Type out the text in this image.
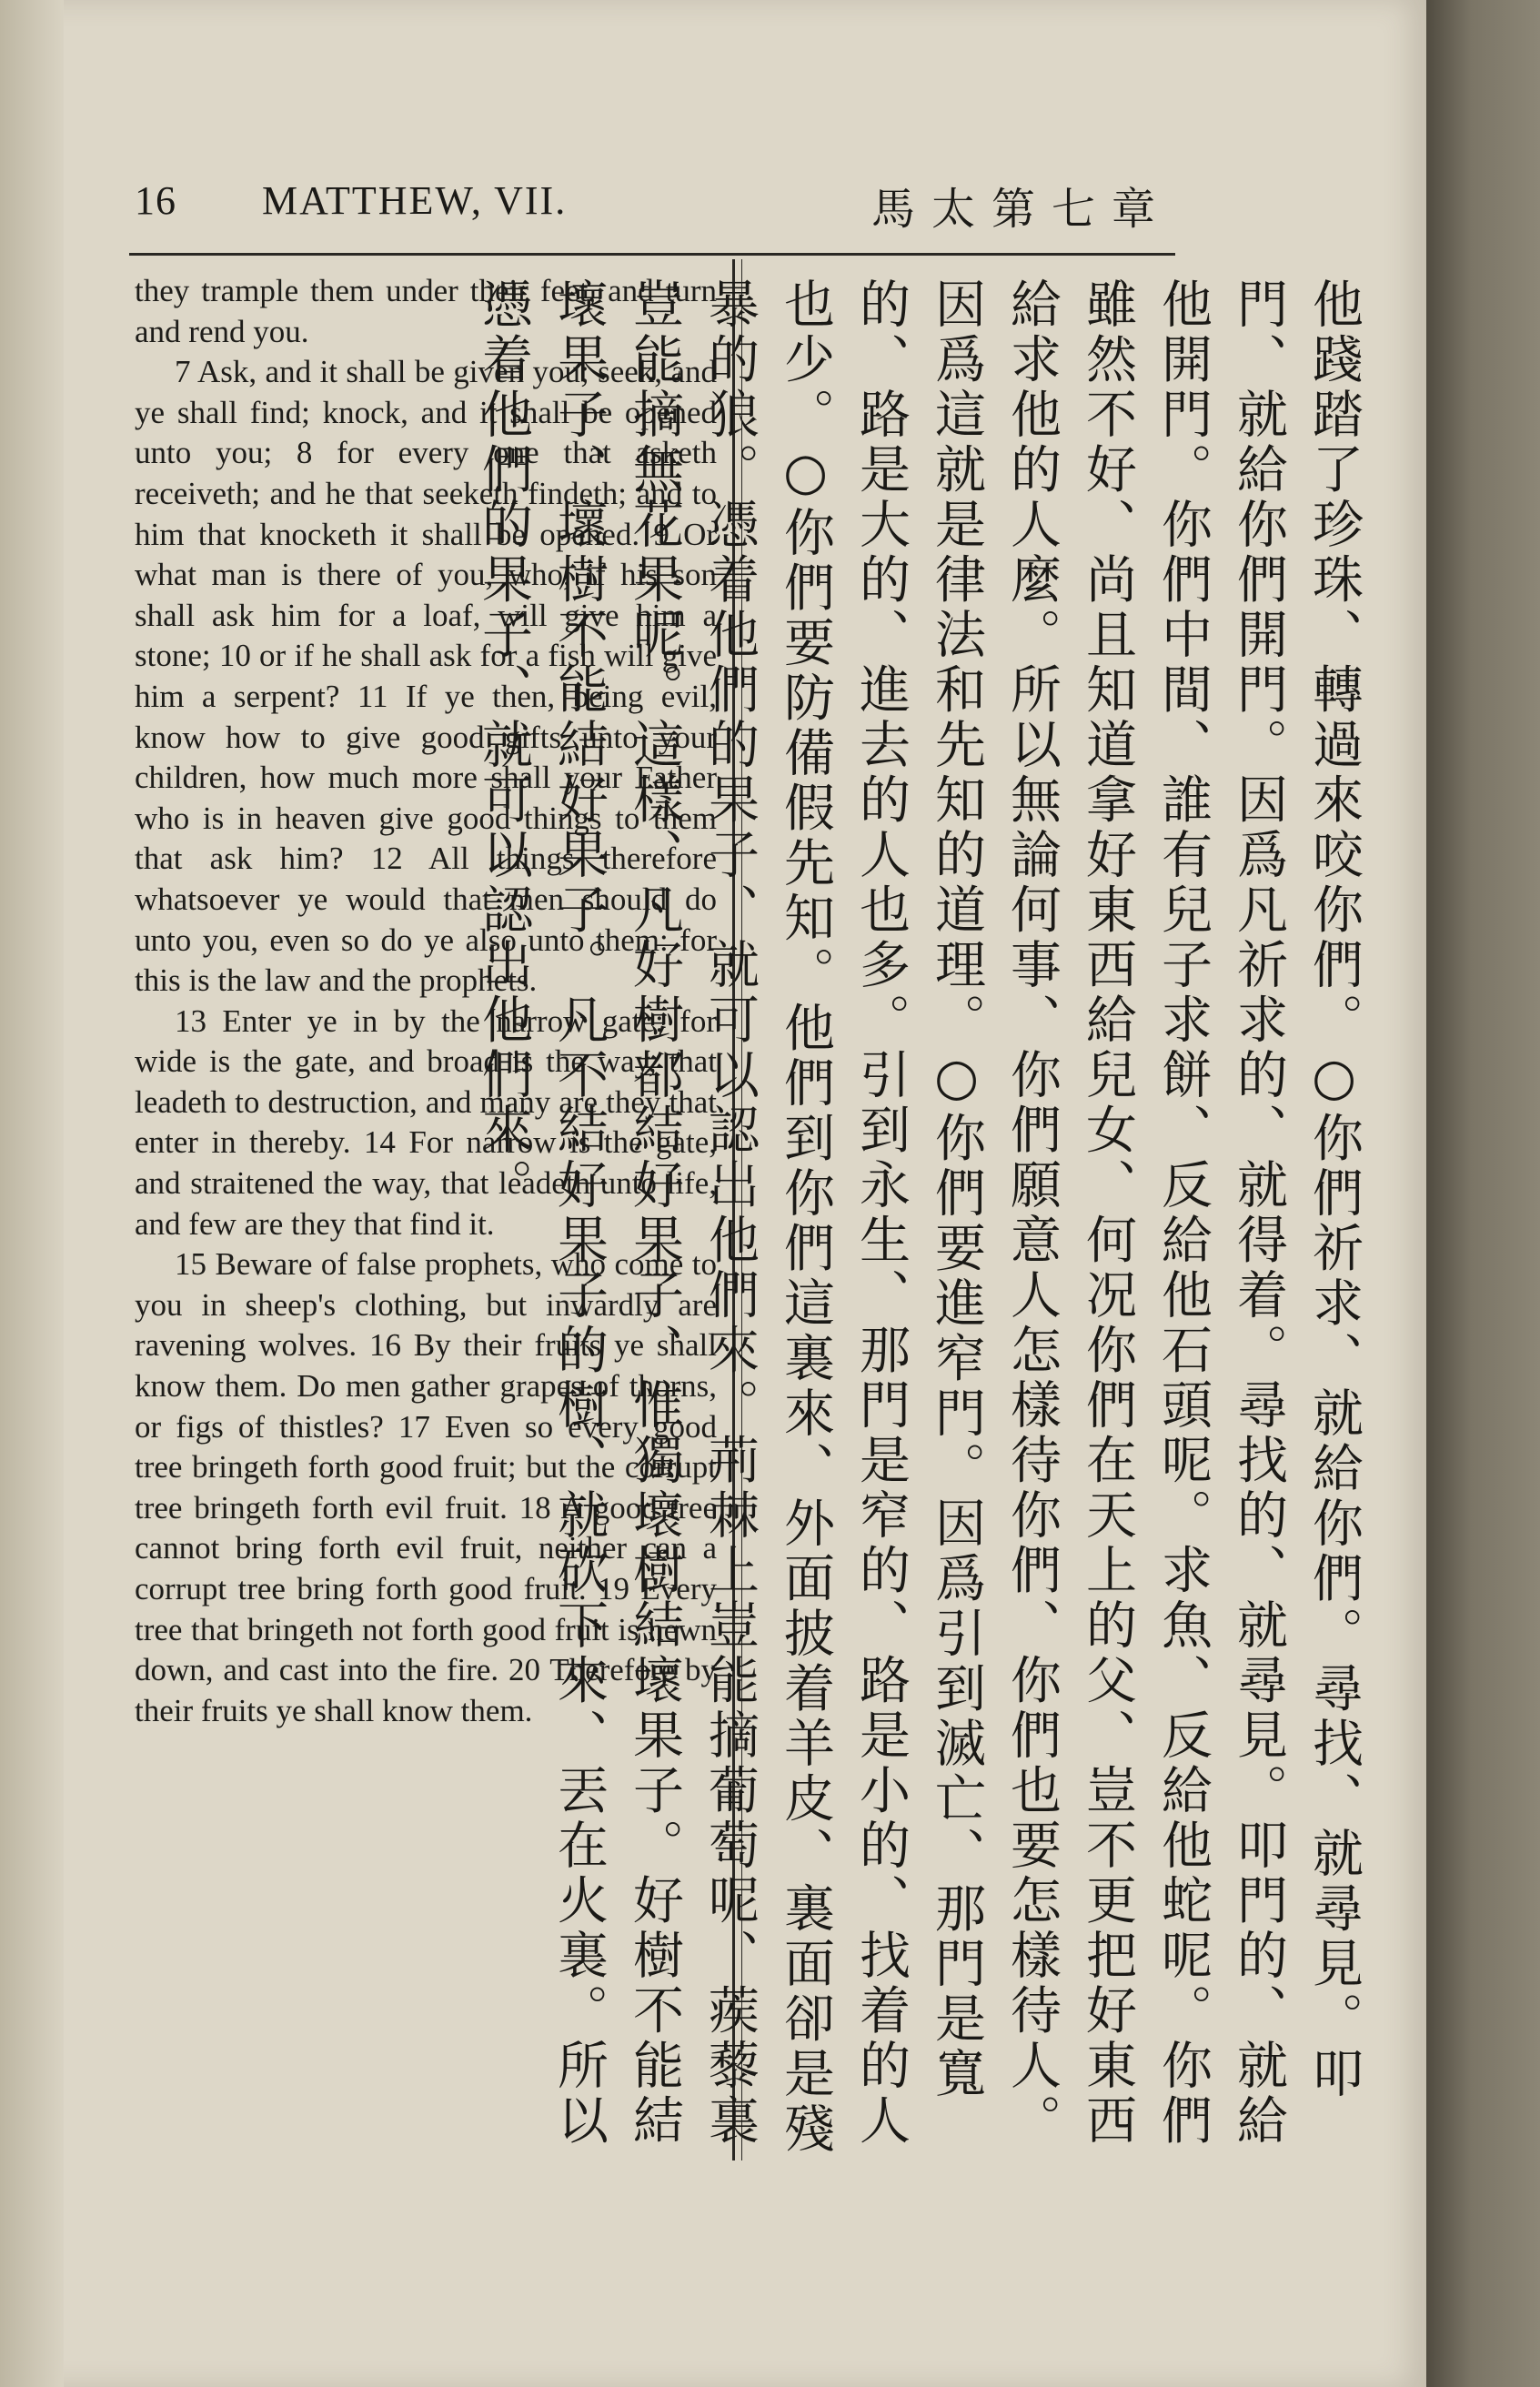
16 MATTHEW, VII.	馬太第七章

they trample them under their feet, and turn and rend you.

7 Ask, and it shall be given you; seek, and ye shall find; knock, and it shall be opened unto you; 8 for every one that asketh receiveth; and he that seeketh findeth; and to him that knocketh it shall be opened. 9 Or what man is there of you, who, if his son shall ask him for a loaf, will give him a stone; 10 or if he shall ask for a fish will give him a serpent? 11 If ye then, being evil, know how to give good gifts unto your children, how much more shall your Father who is in heaven give good things to them that ask him? 12 All things therefore whatsoever ye would that men should do unto you, even so do ye also unto them: for this is the law and the prophets.

13 Enter ye in by the narrow gate: for wide is the gate, and broad is the way, that leadeth to destruction, and many are they that enter in thereby. 14 For narrow is the gate, and straitened the way, that leadeth unto life, and few are they that find it.

15 Beware of false prophets, who come to you in sheep's clothing, but inwardly are ravening wolves. 16 By their fruits ye shall know them. Do men gather grapes of thorns, or figs of thistles? 17 Even so every good tree bringeth forth good fruit; but the corrupt tree bringeth forth evil fruit. 18 A good tree cannot bring forth evil fruit, neither can a corrupt tree bring forth good fruit. 19 Every tree that bringeth not forth good fruit is hewn down, and cast into the fire. 20 Therefore by their fruits ye shall know them.	他踐踏了珍珠、轉過來咬你們。○你們祈求、就給你們。尋找、就尋見。叩門、就給你們開門。因爲凡祈求的、就得着。尋找的、就尋見。叩門的、就給他開門。你們中間、誰有兒子求餅、反給他石頭呢。求魚、反給他蛇呢。你們雖然不好、尚且知道拿好東西給兒女、何况你們在天上的父、豈不更把好東西給求他的人麼。所以無論何事、你們願意人怎樣待你們、你們也要怎樣待人。因爲這就是律法和先知的道理。○你們要進窄門。因爲引到滅亡、那門是寬的、路是大的、進去的人也多。引到永生、那門是窄的、路是小的、找着的人也少。○你們要防備假先知。他們到你們這裏來、外面披着羊皮、裏面卻是殘暴的狼。憑着他們的果子、就可以認出他們來。荊棘上豈能摘葡萄呢、蒺藜裏豈能摘無花果呢。這樣、凡好樹都結好果子、惟獨壞樹結壞果子。好樹不能結壞果子、壞樹不能結好果子。凡不結好果子的樹、就砍下來、丟在火裏。所以憑着他們的果子、就可以認出他們來。
